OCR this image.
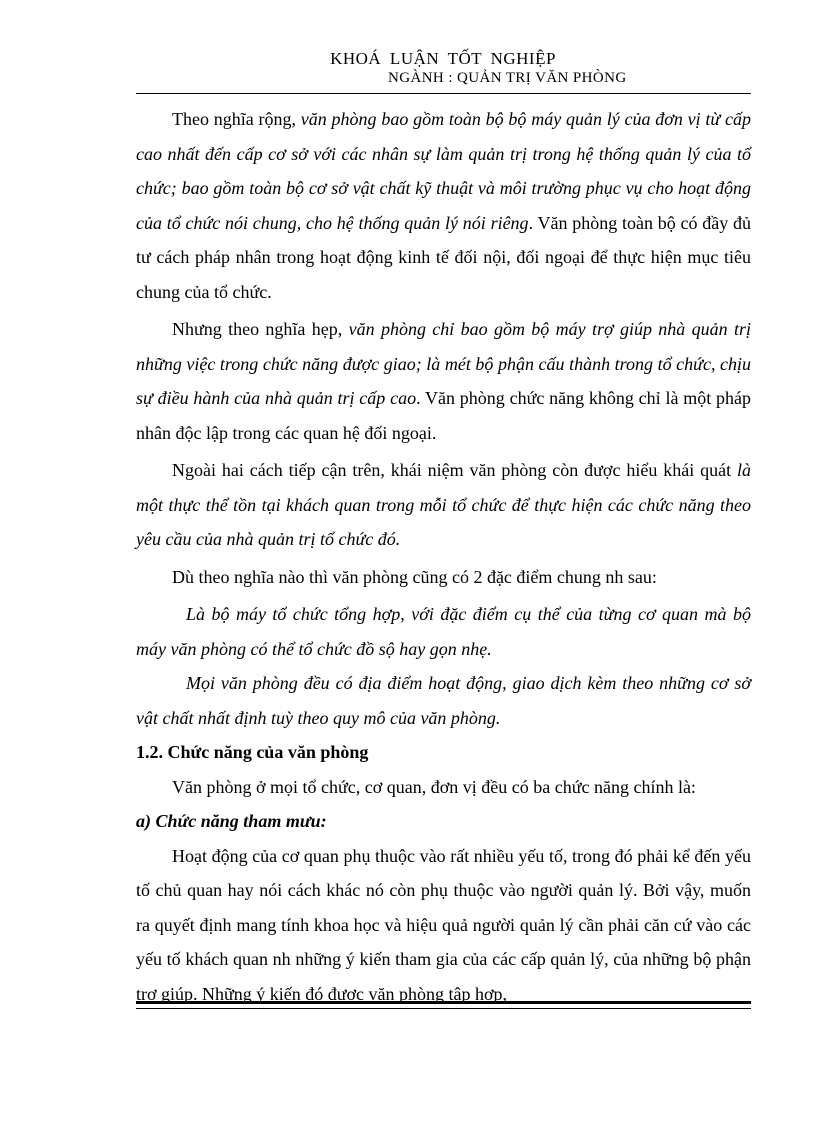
KHOÁ LUẬN TỐT NGHIỆP
NGÀNH : QUẢN TRỊ VĂN PHÒNG

Theo nghĩa rộng, văn phòng bao gồm toàn bộ bộ máy quản lý của đơn vị từ cấp cao nhất đến cấp cơ sở với các nhân sự làm quản trị trong hệ thống quản lý của tổ chức; bao gồm toàn bộ cơ sở vật chất kỹ thuật và môi trường phục vụ cho hoạt động của tổ chức nói chung, cho hệ thống quản lý nói riêng. Văn phòng toàn bộ có đầy đủ tư cách pháp nhân trong hoạt động kinh tế đối nội, đối ngoại để thực hiện mục tiêu chung của tổ chức.

Nhưng theo nghĩa hẹp, văn phòng chỉ bao gồm bộ máy trợ giúp nhà quản trị những việc trong chức năng được giao; là mét bộ phận cấu thành trong tổ chức, chịu sự điều hành của nhà quản trị cấp cao. Văn phòng chức năng không chỉ là một pháp nhân độc lập trong các quan hệ đối ngoại.

Ngoài hai cách tiếp cận trên, khái niệm văn phòng còn được hiểu khái quát là một thực thể tồn tại khách quan trong mỗi tổ chức để thực hiện các chức năng theo yêu cầu của nhà quản trị tổ chức đó.

Dù theo nghĩa nào thì văn phòng cũng có 2 đặc điểm chung nh sau:

Là bộ máy tổ chức tổng hợp, với đặc điểm cụ thể của từng cơ quan mà bộ máy văn phòng có thể tổ chức đồ sộ hay gọn nhẹ.

Mọi văn phòng đều có địa điểm hoạt động, giao dịch kèm theo những cơ sở vật chất nhất định tuỳ theo quy mô của văn phòng.

1.2. Chức năng của văn phòng

Văn phòng ở mọi tổ chức, cơ quan, đơn vị đều có ba chức năng chính là:

a) Chức năng tham mưu:

Hoạt động của cơ quan phụ thuộc vào rất nhiều yếu tố, trong đó phải kể đến yếu tố chủ quan hay nói cách khác nó còn phụ thuộc vào người quản lý. Bởi vậy, muốn ra quyết định mang tính khoa học và hiệu quả người quản lý cần phải căn cứ vào các yếu tố khách quan nh những ý kiến tham gia của các cấp quản lý, của những bộ phận trợ giúp. Những ý kiến đó được văn phòng tập hợp,
